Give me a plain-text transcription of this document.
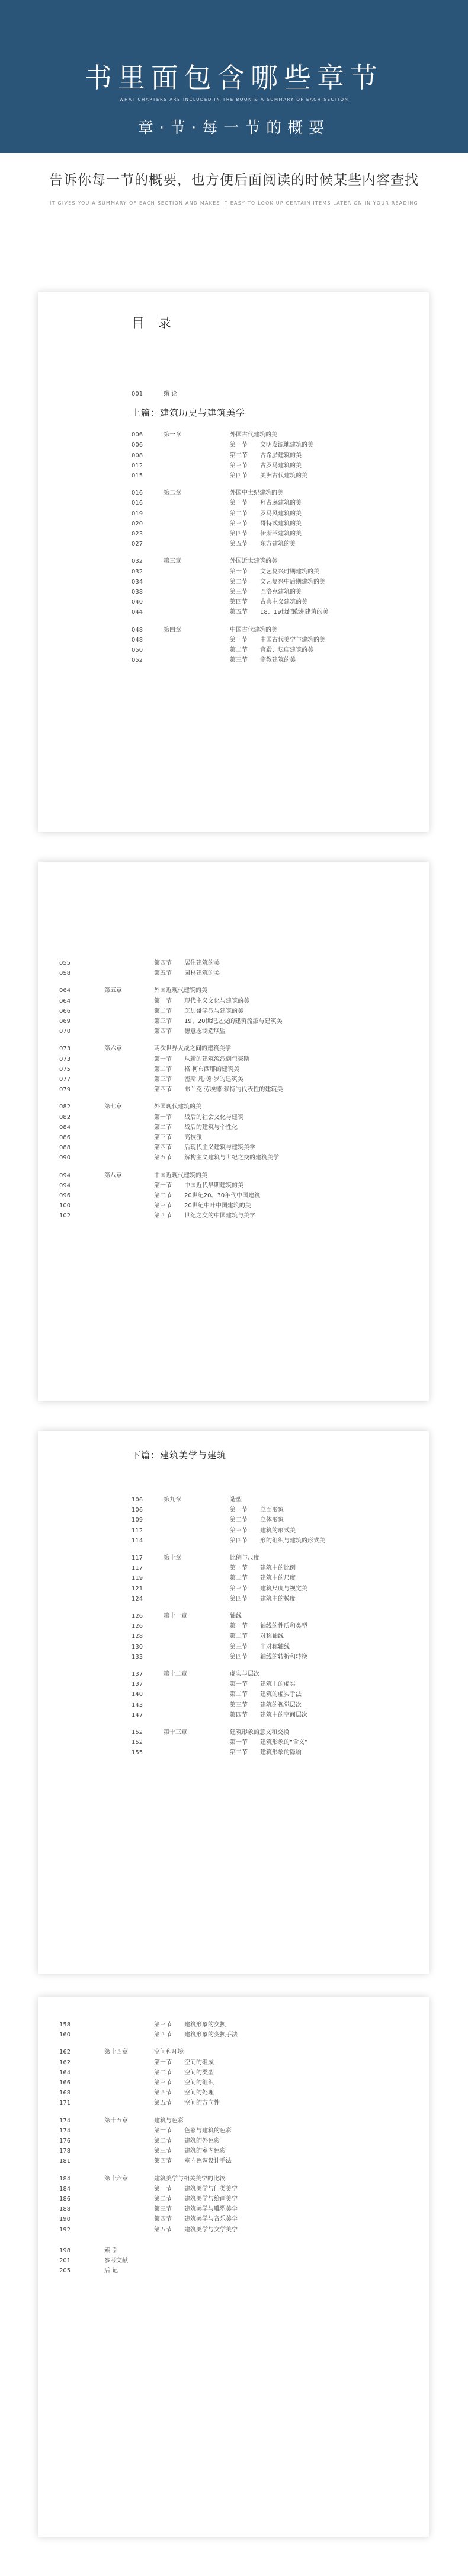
书里面包含哪些章节
WHAT CHAPTERS ARE INCLUDED IN THE BOOK & A SUMMARY OF EACH SECTION
章·节·每一节的概要
告诉你每一节的概要，也方便后面阅读的时候某些内容查找
IT GIVES YOU A SUMMARY OF EACH SECTION AND MAKES IT EASY TO LOOK UP CERTAIN ITEMS LATER ON IN YOUR READING
目 录
001	绪 论
上篇：建筑历史与建筑美学
006	第一章	外国古代建筑的美
006	第一节 文明发源地建筑的美
008	第二节 古希腊建筑的美
012	第三节 古罗马建筑的美
015	第四节 美洲古代建筑的美
016	第二章	外国中世纪建筑的美
016	第一节 拜占庭建筑的美
019	第二节 罗马风建筑的美
020	第三节 哥特式建筑的美
023	第四节 伊斯兰建筑的美
027	第五节 东方建筑的美
032	第三章	外国近世建筑的美
032	第一节 文艺复兴时期建筑的美
034	第二节 文艺复兴中后期建筑的美
038	第三节 巴洛克建筑的美
040	第四节 古典主义建筑的美
044	第五节 18、19世纪欧洲建筑的美
048	第四章	中国古代建筑的美
048	第一节 中国古代美学与建筑的美
050	第二节 宫殿、坛庙建筑的美
052	第三节 宗教建筑的美
055	第四节 居住建筑的美
058	第五节 园林建筑的美
064	第五章	外国近现代建筑的美
064	第一节 现代主义文化与建筑的美
066	第二节 芝加哥学派与建筑的美
069	第三节 19、20世纪之交的建筑流派与建筑美
070	第四节 德意志制造联盟
073	第六章	两次世界大战之间的建筑美学
073	第一节 从新的建筑流派到包豪斯
075	第二节 格·柯布西耶的建筑美
077	第三节 密斯·凡·德·罗的建筑美
079	第四节 弗兰克·劳埃德·赖特的代表性的建筑美
082	第七章	外国现代建筑的美
082	第一节 战后的社会文化与建筑
084	第二节 战后的建筑与个性化
086	第三节 高技派
088	第四节 后现代主义建筑与建筑美学
090	第五节 解构主义建筑与世纪之交的建筑美学
094	第八章	中国近现代建筑的美
094	第一节 中国近代早期建筑的美
096	第二节 20世纪20、30年代中国建筑
100	第三节 20世纪中叶中国建筑的美
102	第四节 世纪之交的中国建筑与美学
下篇：建筑美学与建筑
106	第九章	造型
106	第一节 立面形象
109	第二节 立体形象
112	第三节 建筑的形式美
114	第四节 形的组织与建筑的形式美
117	第十章	比例与尺度
117	第一节 建筑中的比例
119	第二节 建筑中的尺度
121	第三节 建筑尺度与视觉美
124	第四节 建筑中的模度
126	第十一章	轴线
126	第一节 轴线的性质和类型
128	第二节 对称轴线
130	第三节 非对称轴线
133	第四节 轴线的转折和转换
137	第十二章	虚实与层次
137	第一节 建筑中的虚实
140	第二节 建筑的虚实手法
143	第三节 建筑的视觉层次
147	第四节 建筑中的空间层次
152	第十三章	建筑形象的意义和交换
152	第一节 建筑形象的“含义”
155	第二节 建筑形象的隐喻
158	第三节 建筑形象的交换
160	第四节 建筑形象的变换手法
162	第十四章	空间和环境
162	第一节 空间的组成
164	第二节 空间的类型
166	第三节 空间的组织
168	第四节 空间的处理
171	第五节 空间的方向性
174	第十五章	建筑与色彩
174	第一节 色彩与建筑的色彩
176	第二节 建筑的外色彩
178	第三节 建筑的室内色彩
181	第四节 室内色调设计手法
184	第十六章	建筑美学与相关美学的比较
184	第一节 建筑美学与门类美学
186	第二节 建筑美学与绘画美学
188	第三节 建筑美学与雕塑美学
190	第四节 建筑美学与音乐美学
192	第五节 建筑美学与文学美学
198	索 引
201	参考文献
205	后 记
